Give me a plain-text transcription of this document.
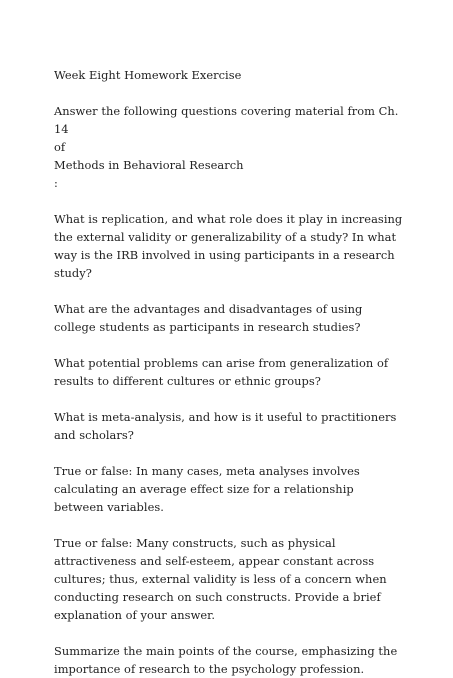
Week Eight Homework Exercise

Answer the following questions covering material from Ch. 14
of

Methods in Behavioral Research

:

What is replication, and what role does it play in increasing the external validity or generalizability of a study? In what way is the IRB involved in using participants in a research study?

What are the advantages and disadvantages of using college students as participants in research studies?

What potential problems can arise from generalization of results to different cultures or ethnic groups?

What is meta-analysis, and how is it useful to practitioners and scholars?

True or false: In many cases, meta analyses involves calculating an average effect size for a relationship between variables.

True or false: Many constructs, such as physical attractiveness and self-esteem, appear constant across cultures; thus, external validity is less of a concern when conducting research on such constructs. Provide a brief explanation of your answer.

Summarize the main points of the course, emphasizing the importance of research to the psychology profession.
